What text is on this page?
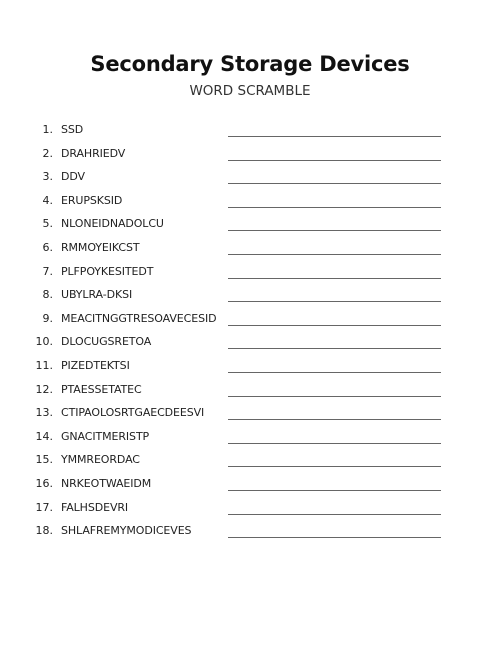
Secondary Storage Devices
WORD SCRAMBLE
1. SSD
2. DRAHRIEDV
3. DDV
4. ERUPSKSID
5. NLONEIDNADOLCU
6. RMMOYEIKCST
7. PLFPOYKESITEDT
8. UBYLRA-DKSI
9. MEACITNGGTRESOAVECESID
10. DLOCUGSRETOA
11. PIZEDTEKTSI
12. PTAESSETATEC
13. CTIPAOLOSRTGAECDEESVI
14. GNACITMERISTP
15. YMMREORDAC
16. NRKEOTWAEIDM
17. FALHSDEVRI
18. SHLAFREMYMODICEVES
